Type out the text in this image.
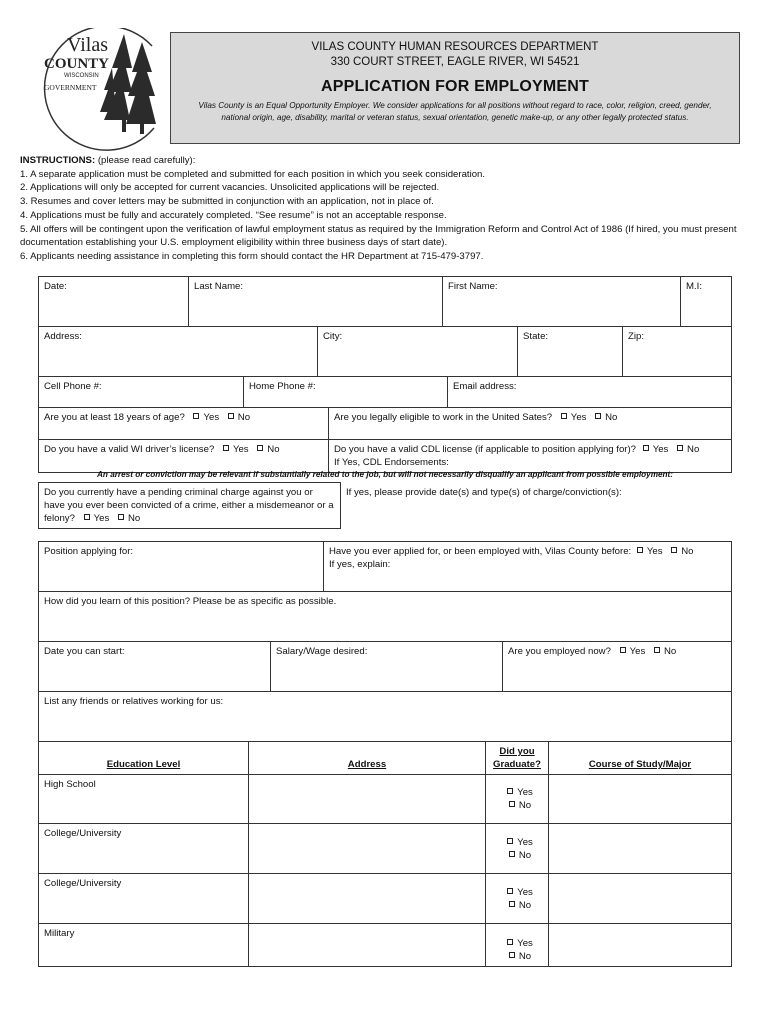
Vilas
COUNTY
WISCONSIN
GOVERNMENT
VILAS COUNTY HUMAN RESOURCES DEPARTMENT
330 COURT STREET, EAGLE RIVER, WI 54521
APPLICATION FOR EMPLOYMENT
Vilas County is an Equal Opportunity Employer. We consider applications for all positions without regard to race, color, religion, creed, gender, national origin, age, disability, marital or veteran status, sexual orientation, genetic make-up, or any other legally protected status.
INSTRUCTIONS: (please read carefully):
1. A separate application must be completed and submitted for each position in which you seek consideration.
2. Applications will only be accepted for current vacancies. Unsolicited applications will be rejected.
3. Resumes and cover letters may be submitted in conjunction with an application, not in place of.
4. Applications must be fully and accurately completed. “See resume” is not an acceptable response.
5. All offers will be contingent upon the verification of lawful employment status as required by the Immigration Reform and Control Act of 1986 (If hired, you must present documentation establishing your U.S. employment eligibility within three business days of start date).
6. Applicants needing assistance in completing this form should contact the HR Department at 715-479-3797.
Date:	Last Name:	First Name:	M.I:
Address:	City:	State:	Zip:
Cell Phone #:	Home Phone #:	Email address:
Are you at least 18 years of age? Yes No	Are you legally eligible to work in the United Sates? Yes No
Do you have a valid WI driver’s license? Yes No	Do you have a valid CDL license (if applicable to position applying for)? Yes No
If Yes, CDL Endorsements:
An arrest or conviction may be relevant if substantially related to the job, but will not necessarily disqualify an applicant from possible employment:
Do you currently have a pending criminal charge against you or have you ever been convicted of a crime, either a misdemeanor or a felony? Yes No	If yes, please provide date(s) and type(s) of charge/conviction(s):
Position applying for:	Have you ever applied for, or been employed with, Vilas County before: Yes No
If yes, explain:
How did you learn of this position? Please be as specific as possible.
Date you can start:	Salary/Wage desired:	Are you employed now? Yes No
List any friends or relatives working for us:
Education Level	Address	Did you Graduate?	Course of Study/Major
High School		Yes
No	

College/University		Yes
No	

College/University		Yes
No	

Military		Yes
No	
